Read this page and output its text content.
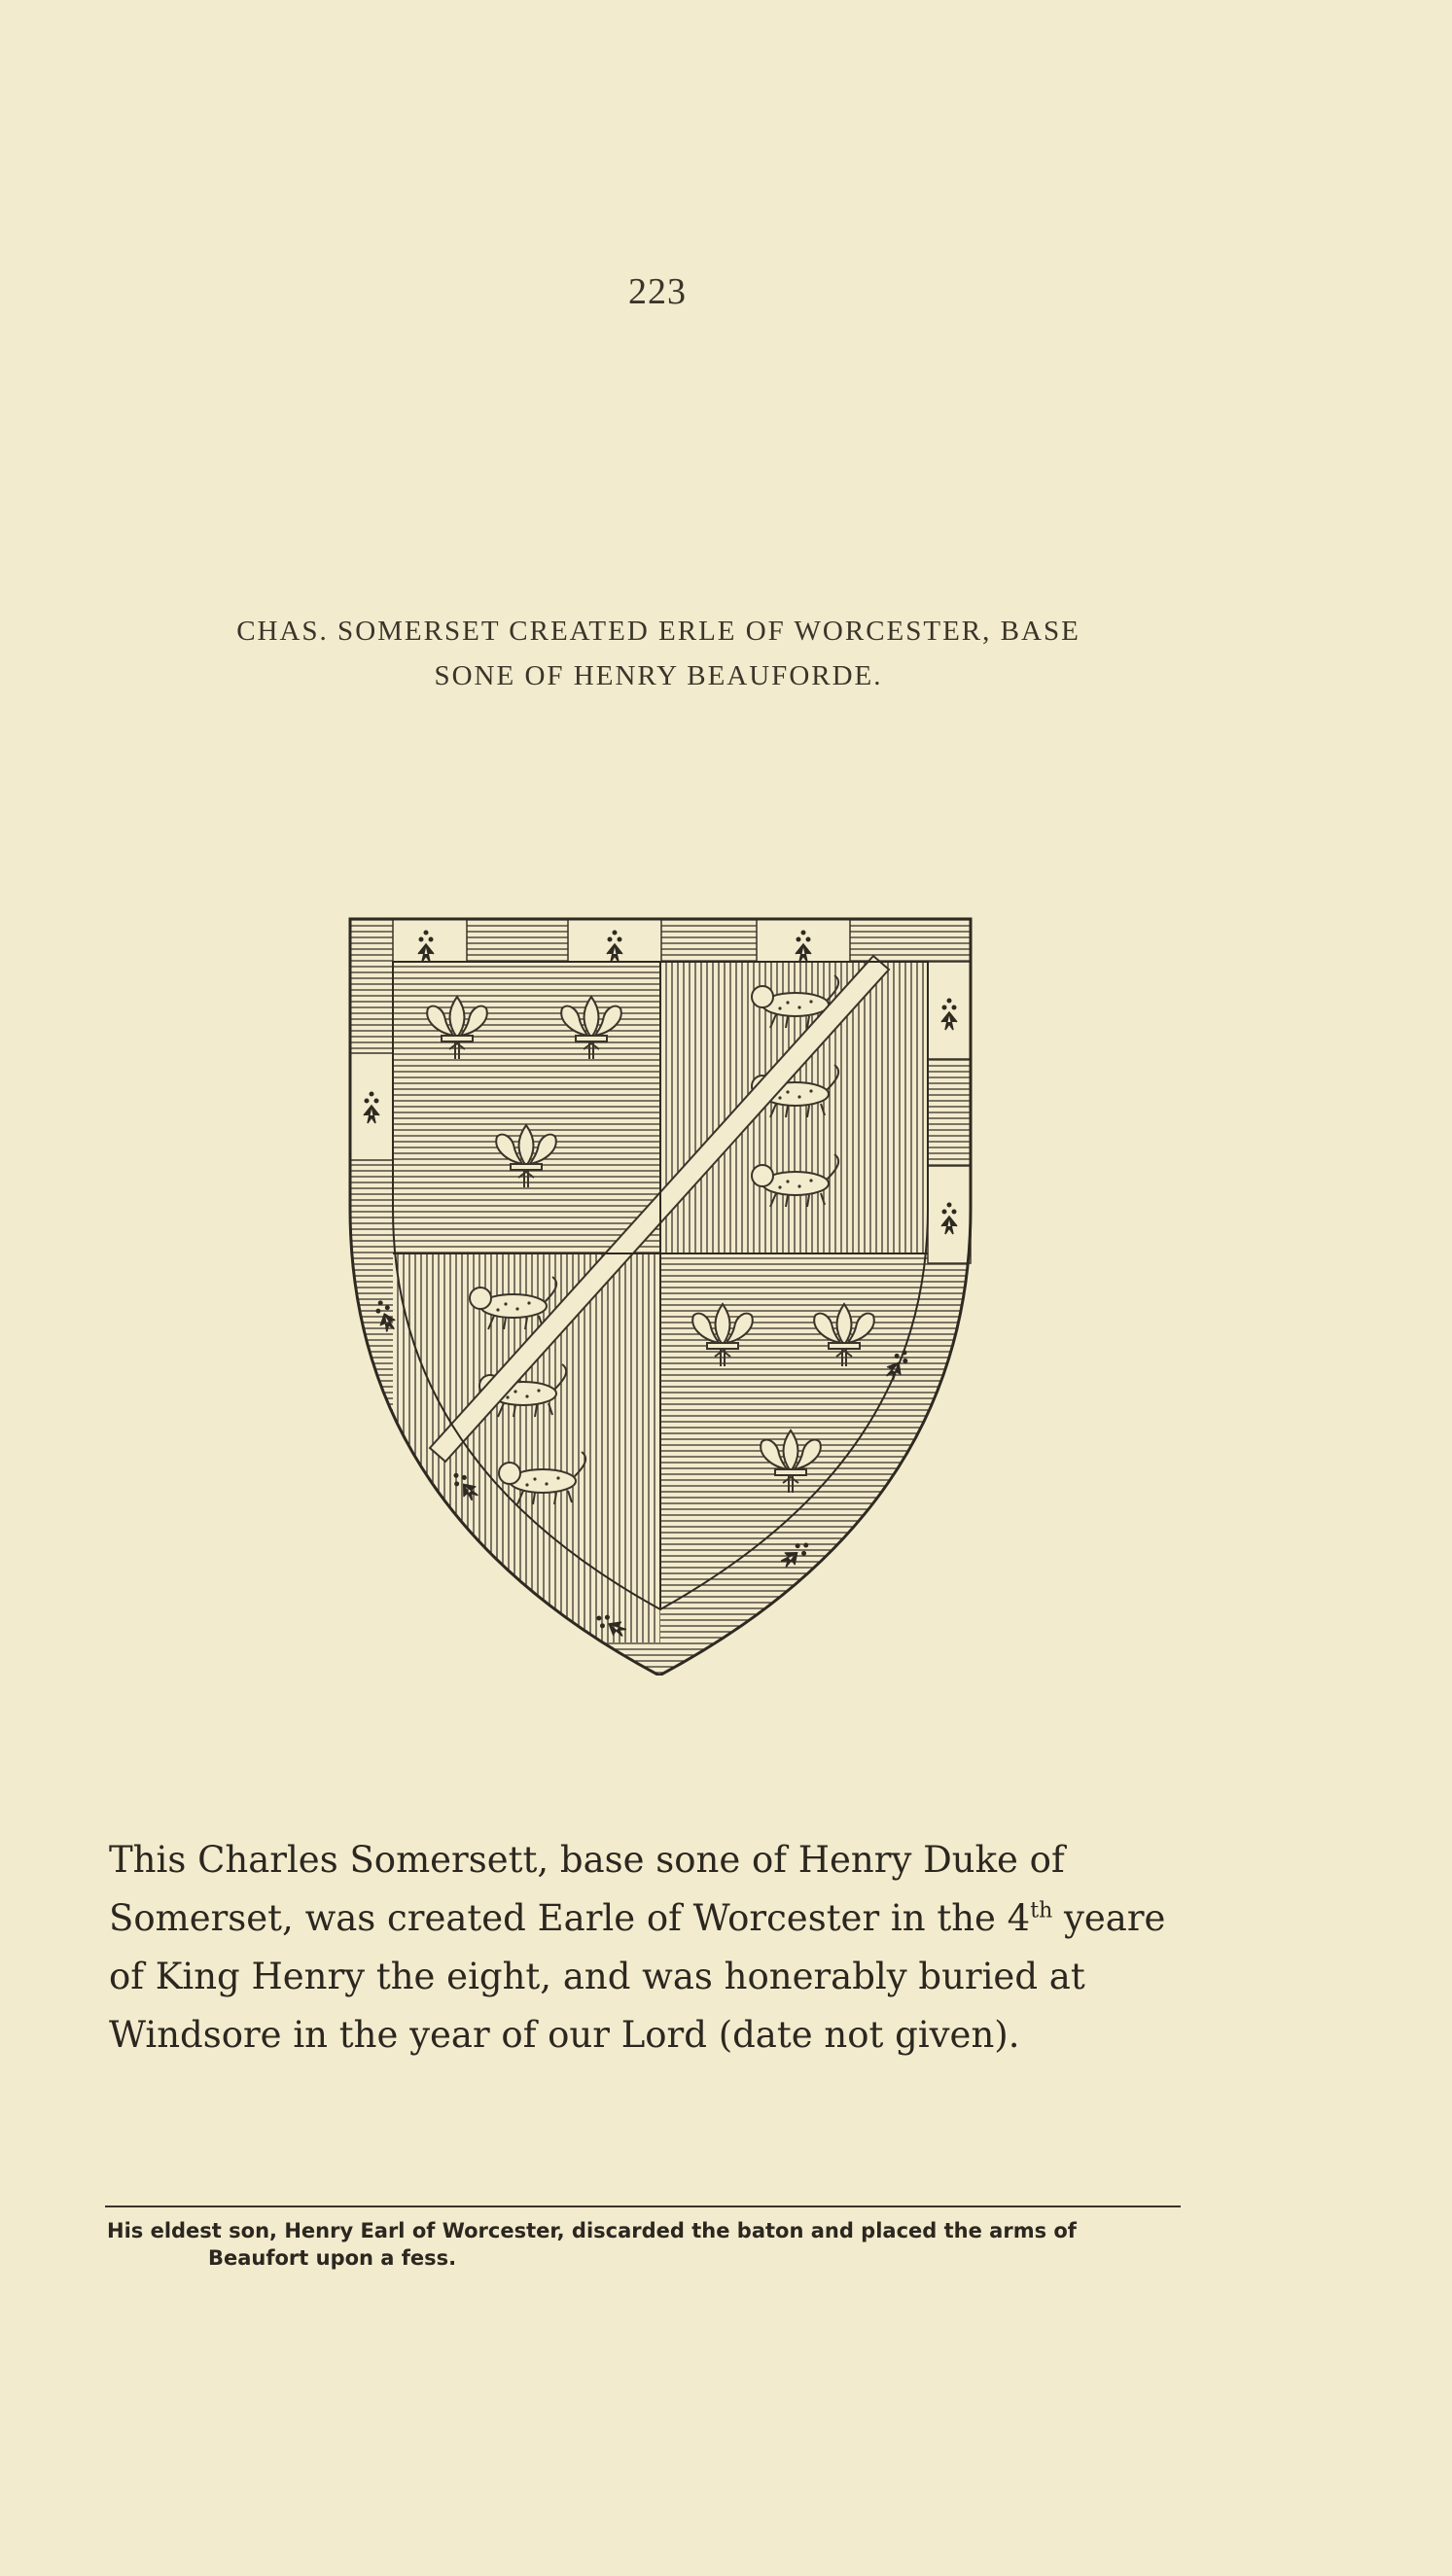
223
CHAS. SOMERSET CREATED ERLE OF WORCESTER, BASE
SONE OF HENRY BEAUFORDE.
This Charles Somersett, base sone of Henry Duke of
Somerset, was created Earle of Worcester in the 4th yeare
of King Henry the eight, and was honerably buried at
Windsore in the year of our Lord (date not given).
His eldest son, Henry Earl of Worcester, discarded the baton and placed the arms of
Beaufort upon a fess.
